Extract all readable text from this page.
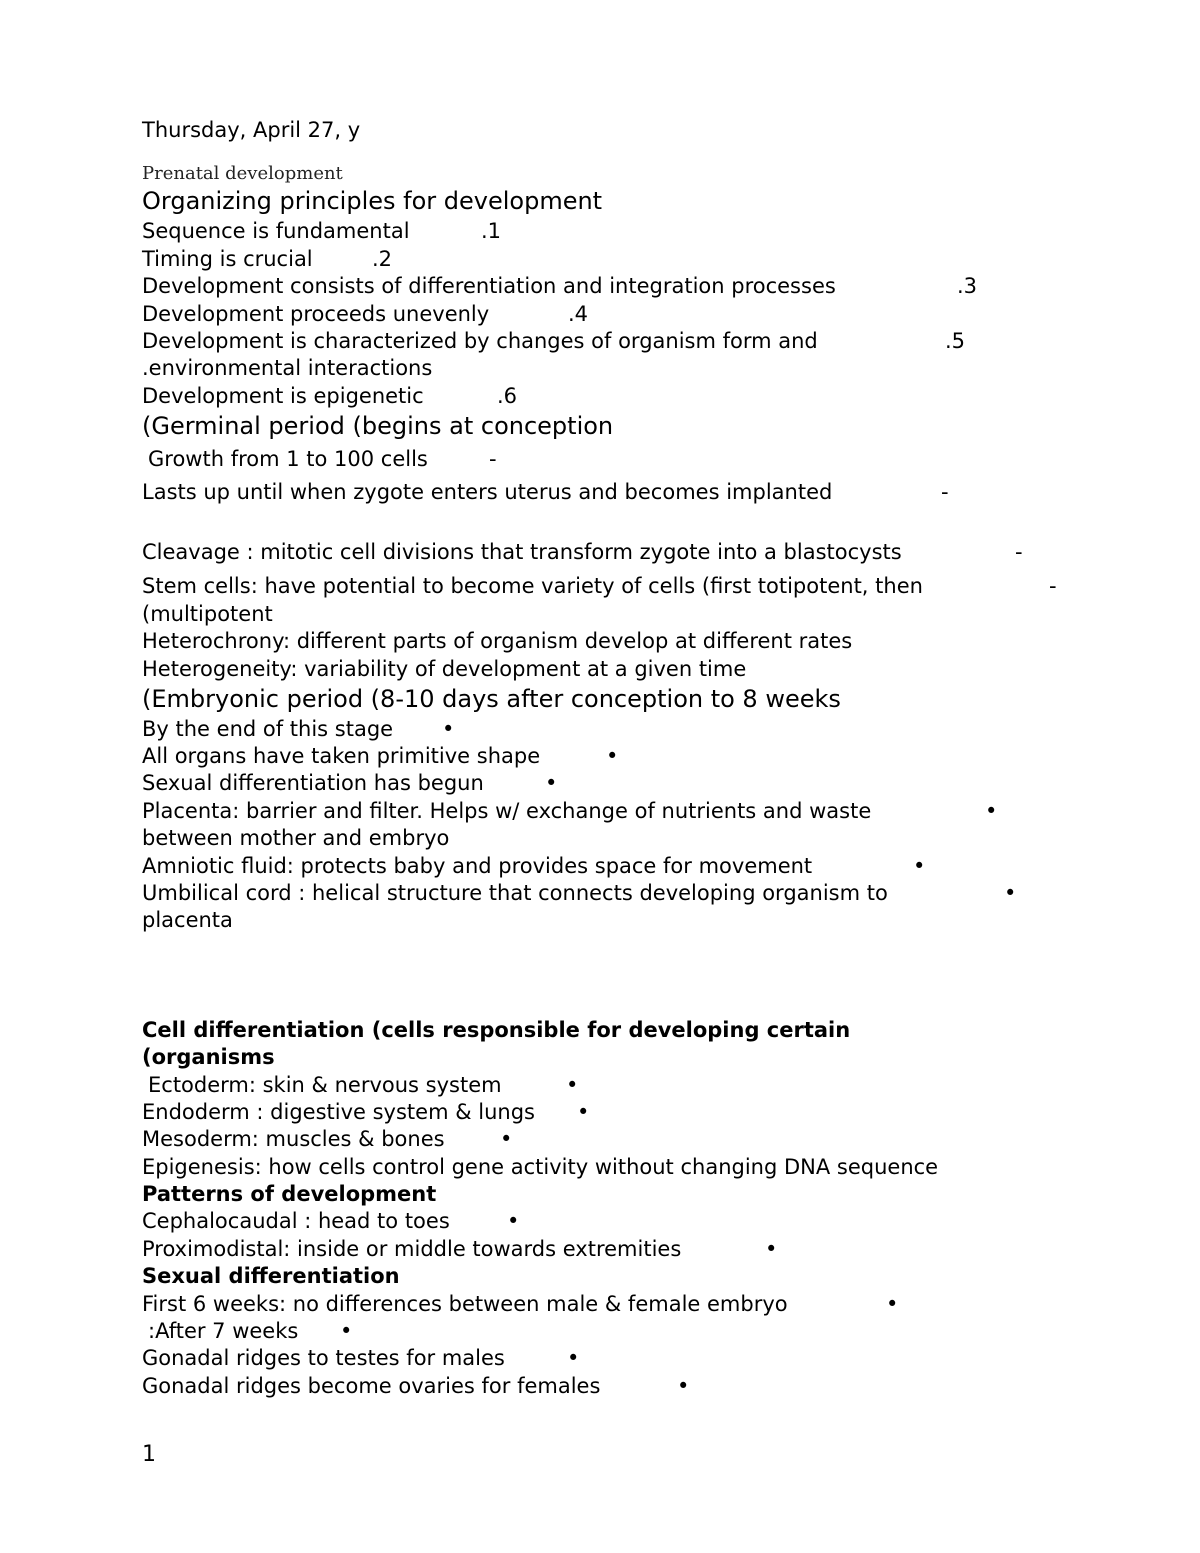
Thursday, April 27, y
Prenatal development
Organizing principles for development
Sequence is fundamental	.1
Timing is crucial	.2
Development consists of differentiation and integration processes	.3
Development proceeds unevenly	.4
Development is characterized by changes of organism form and	.5
.environmental interactions
Development is epigenetic	.6
(Germinal period (begins at conception
Growth from 1 to 100 cells	-
Lasts up until when zygote enters uterus and becomes implanted	-
Cleavage : mitotic cell divisions that transform zygote into a blastocysts	-
Stem cells: have potential to become variety of cells (first totipotent, then	-
(multipotent
Heterochrony: different parts of organism develop at different rates
Heterogeneity: variability of development at a given time
(Embryonic period (8-10 days after conception to 8 weeks
By the end of this stage •
All organs have taken primitive shape	•
Sexual differentiation has begun	•
Placenta: barrier and filter. Helps w/ exchange of nutrients and waste	•
between mother and embryo
Amniotic fluid: protects baby and provides space for movement	•
Umbilical cord : helical structure that connects developing organism to	•
placenta
Cell differentiation (cells responsible for developing certain
(organisms
Ectoderm: skin & nervous system	•
Endoderm : digestive system & lungs •
Mesoderm: muscles & bones	•
Epigenesis: how cells control gene activity without changing DNA sequence
Patterns of development
Cephalocaudal : head to toes	•
Proximodistal: inside or middle towards extremities	•
Sexual differentiation
First 6 weeks: no differences between male & female embryo	•
:After 7 weeks •
Gonadal ridges to testes for males	•
Gonadal ridges become ovaries for females	•
1
